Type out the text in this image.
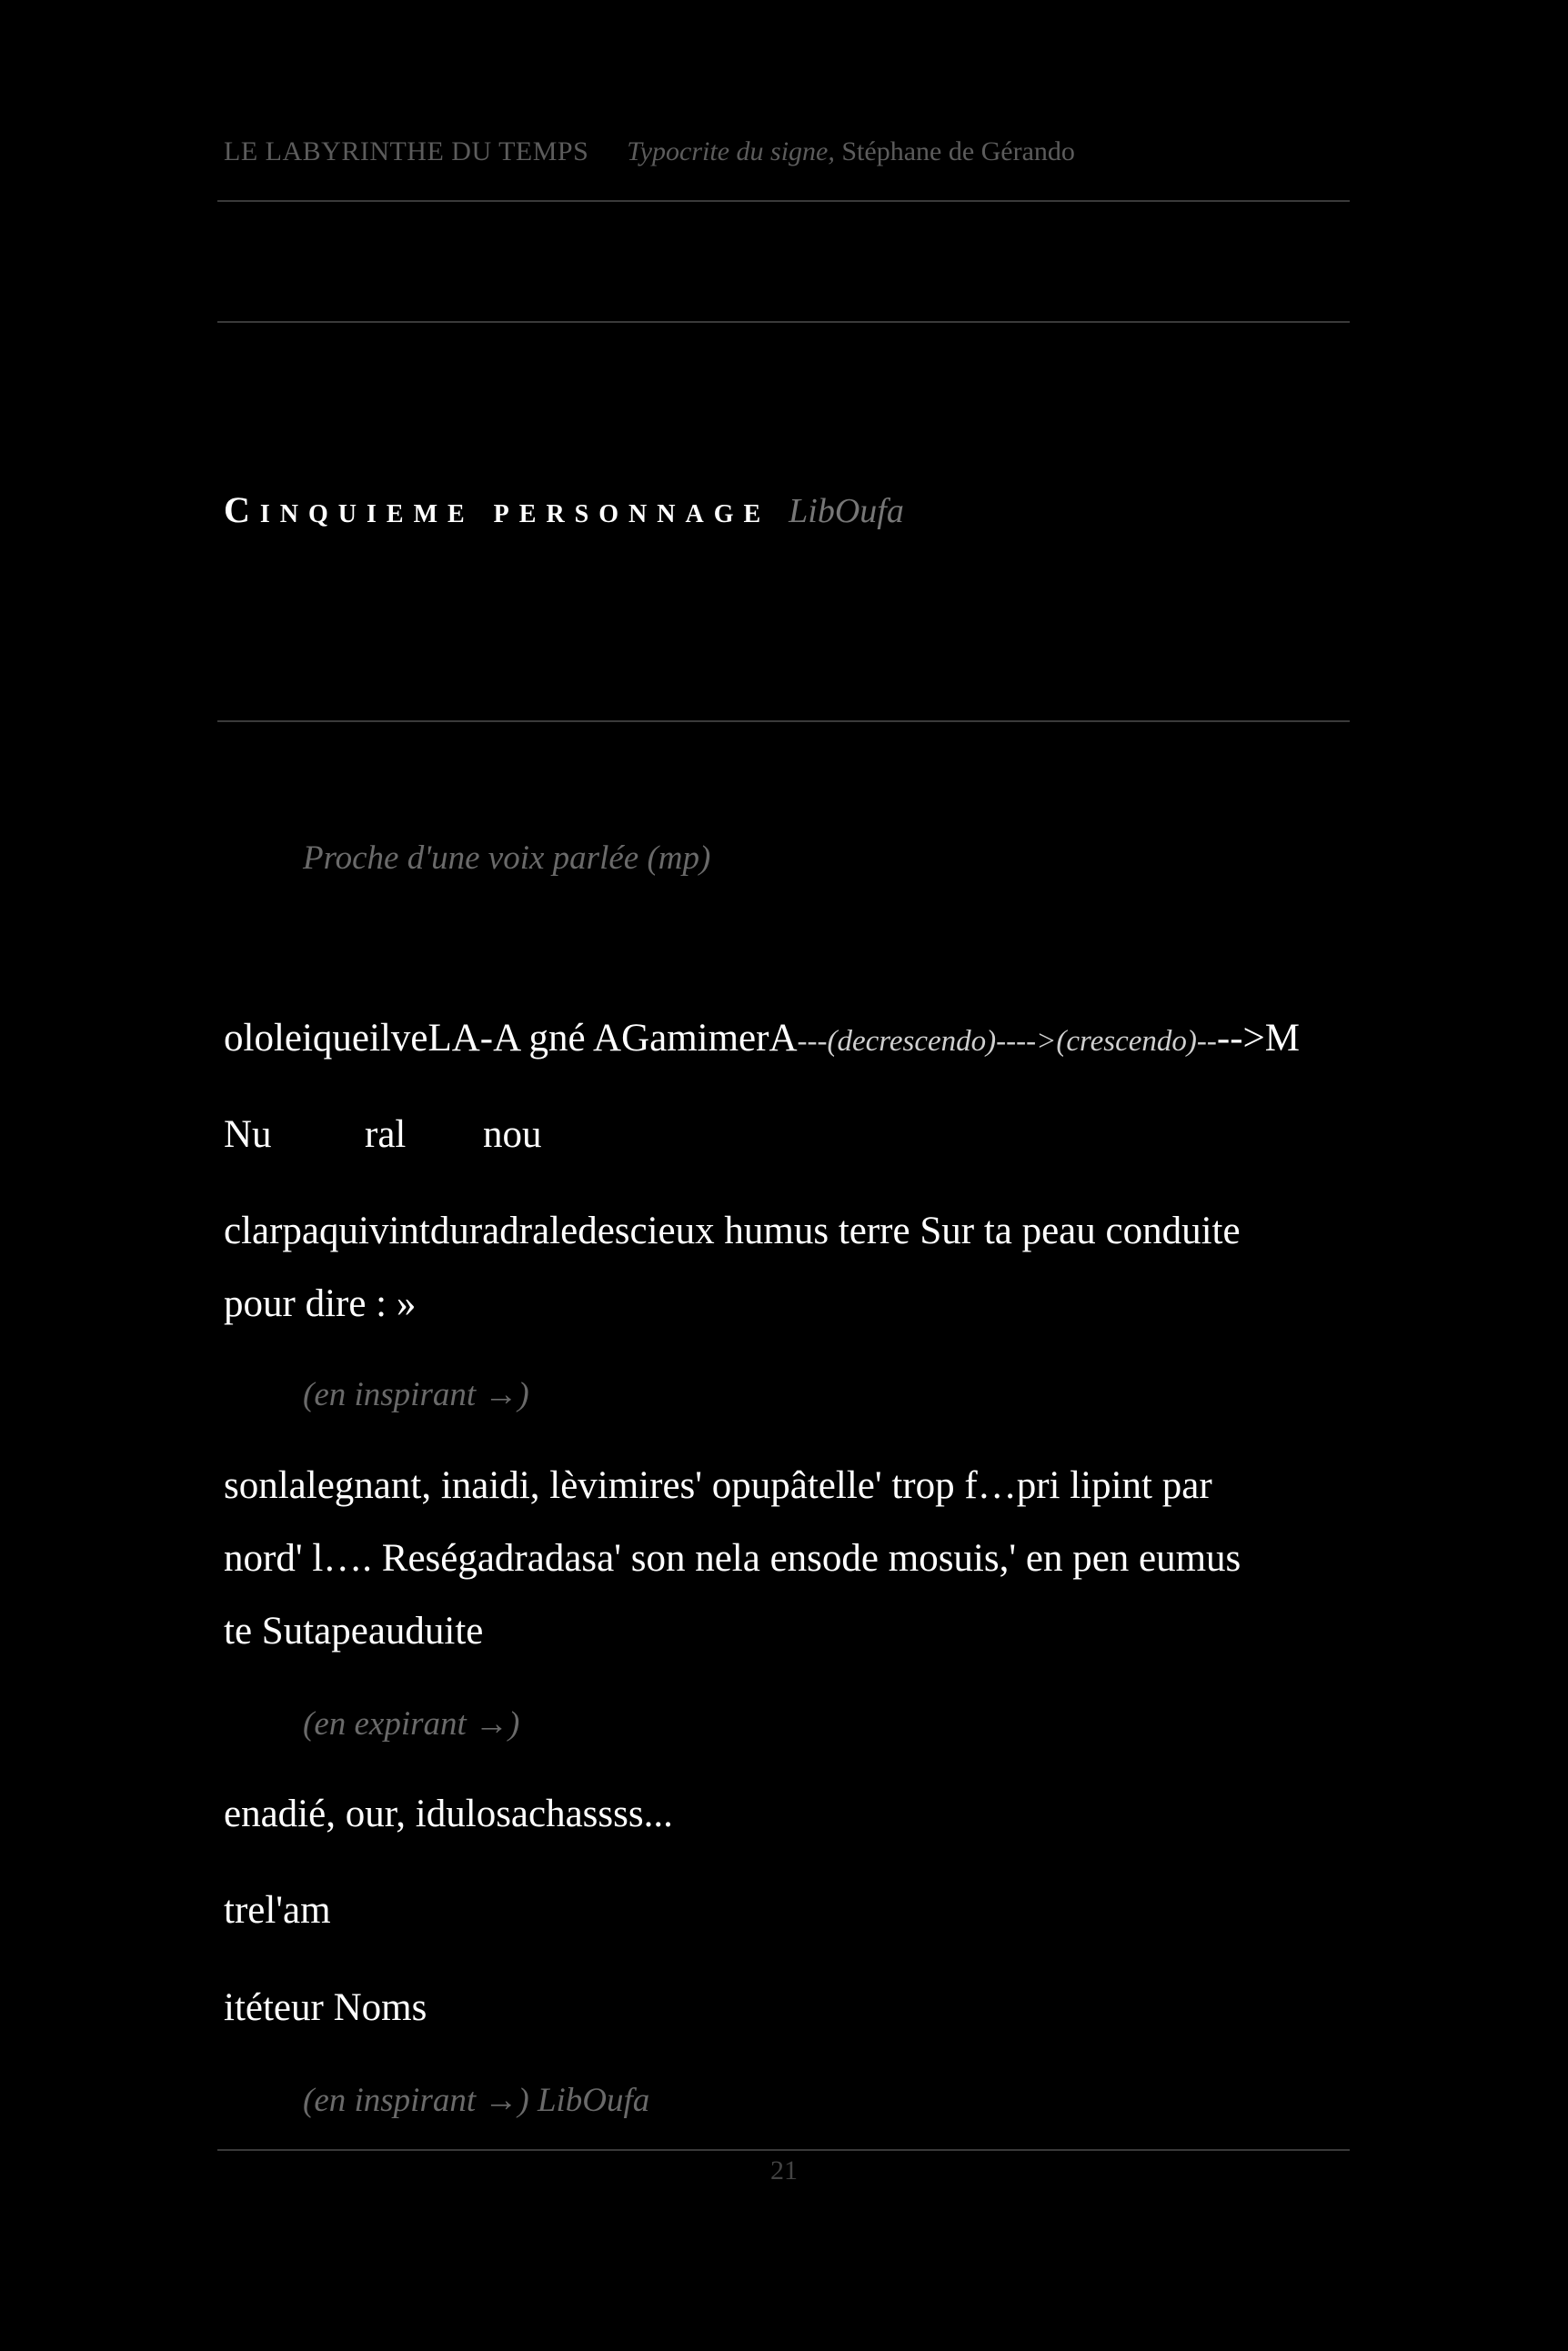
LE LABYRINTHE DU TEMPS Typocrite du signe, Stéphane de Gérando
Cinquieme personnage LibOufa
Proche d'une voix parlée (mp)
ololeiqueilveLA-A gné AGamimerA---(decrescendo)---->(crescendo)---->M
Nu ral nou
clarpaquivintduradraledescieux humus terre Sur ta peau conduite
pour dire : »
(en inspirant →)
sonlalegnant, inaidi, lèvimires' opupâtelle' trop f…pri lipint par
nord' l…. Reségadradasa' son nela ensode mosuis,' en pen eumus
te Sutapeauduite
(en expirant →)
enadié, our, idulosachassss...
trel'am
itéteur Noms
(en inspirant →) LibOufa
21
